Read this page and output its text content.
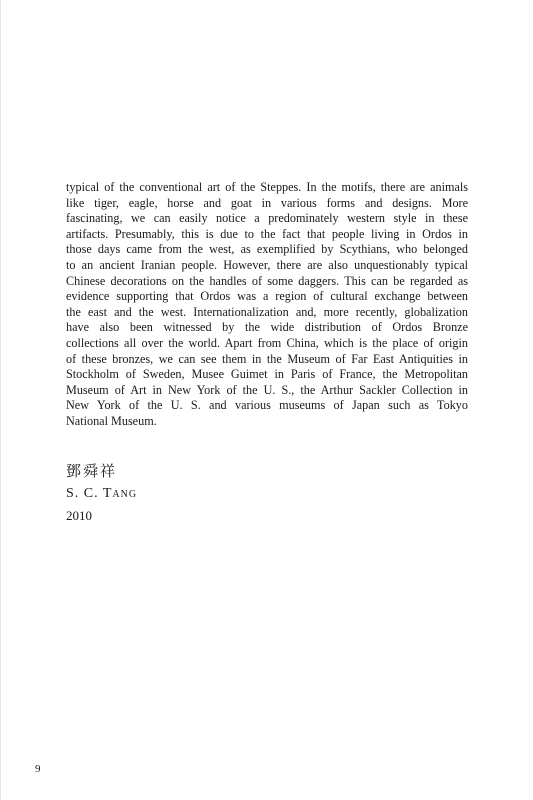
typical of the conventional art of the Steppes. In the motifs, there are animals
like tiger, eagle, horse and goat in various forms and designs. More
fascinating, we can easily notice a predominately western style in these
artifacts. Presumably, this is due to the fact that people living in Ordos in
those days came from the west, as exemplified by Scythians, who belonged
to an ancient Iranian people. However, there are also unquestionably typical
Chinese decorations on the handles of some daggers. This can be regarded as
evidence supporting that Ordos was a region of cultural exchange between
the east and the west. Internationalization and, more recently, globalization
have also been witnessed by the wide distribution of Ordos Bronze
collections all over the world. Apart from China, which is the place of origin
of these bronzes, we can see them in the Museum of Far East Antiquities in
Stockholm of Sweden, Musee Guimet in Paris of France, the Metropolitan
Museum of Art in New York of the U. S., the Arthur Sackler Collection in
New York of the U. S. and various museums of Japan such as Tokyo
National Museum.
鄧舜祥
S. C. Tang
2010
9
